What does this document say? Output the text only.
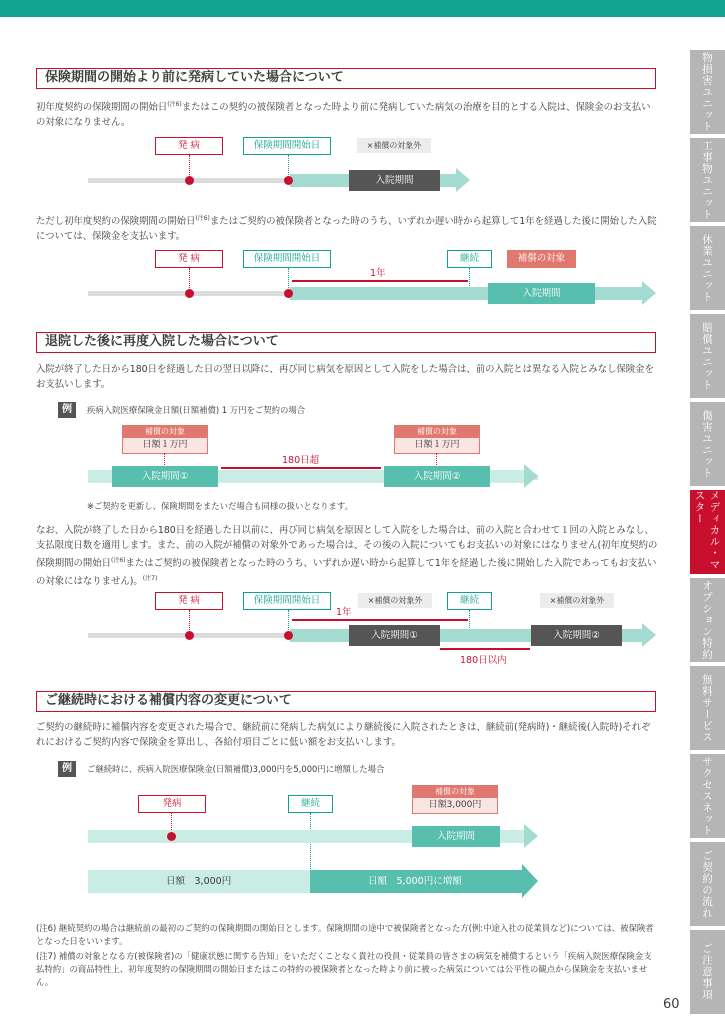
物損害ユニット
工事物ユニット
休業ユニット
賠償ユニット
傷害ユニット
メディカル・マスター
オプション特約
無料サービス
サクセスネット
ご契約の流れ
ご注意事項
保険期間の開始より前に発病していた場合について
初年度契約の保険期間の開始日$^{(注6)}$またはこの契約の被保険者となった時より前に発病していた病気の治療を目的とする入院は、保険金のお支払いの対象になりません。
発 病	保険期間開始日	×補償の対象外
入院期間
ただし初年度契約の保険期間の開始日$^{(注6)}$またはご契約の被保険者となった時のうち、いずれか遅い時から起算して1年を経過した後に開始した入院については、保険金を支払います。
発 病	保険期間開始日	継続	補償の対象
1年
入院期間
退院した後に再度入院した場合について
入院が終了した日から180日を経過した日の翌日以降に、再び同じ病気を原因として入院をした場合は、前の入院とは異なる入院とみなし保険金をお支払いします。
例	疾病入院医療保険金日額(日額補償) 1 万円をご契約の場合
補償の対象
日額１万円
補償の対象
日額１万円
180日超
入院期間①	入院期間②
※ご契約を更新し、保険期間をまたいだ場合も同様の扱いとなります。
なお、入院が終了した日から180日を経過した日以前に、再び同じ病気を原因として入院をした場合は、前の入院と合わせて１回の入院とみなし、支払限度日数を適用します。また、前の入院が補償の対象外であった場合は、その後の入院についてもお支払いの対象にはなりません(初年度契約の保険期間の開始日$^{(注6)}$またはご契約の被保険者となった時のうち、いずれか遅い時から起算して1年を経過した後に開始した入院であってもお支払いの対象にはなりません)。$^{(注7)}$
発 病	保険期間開始日	×補償の対象外	継続	×補償の対象外
1年
入院期間①	入院期間②
180日以内
ご継続時における補償内容の変更について
ご契約の継続時に補償内容を変更された場合で、継続前に発病した病気により継続後に入院されたときは、継続前(発病時)・継続後(入院時)それぞれにおけるご契約内容で保険金を算出し、各給付項目ごとに低い額をお支払いします。
例	ご継続時に、疾病入院医療保険金(日額補償)3,000円を5,000円に増額した場合
発病	継続
補償の対象
日額3,000円
入院期間
日額　3,000円	日額　5,000円に増額
(注6) 継続契約の場合は継続前の最初のご契約の保険期間の開始日とします。保険期間の途中で被保険者となった方(例:中途入社の従業員など)については、被保険者となった日をいいます。
(注7) 補償の対象となる方(被保険者)の「健康状態に関する告知」をいただくことなく貴社の役員・従業員の皆さまの病気を補償するという「疾病入院医療保険金支払特約」の商品特性上、初年度契約の保険期間の開始日またはこの特約の被保険者となった時より前に被った病気については公平性の観点から保険金を支払いません。
60
